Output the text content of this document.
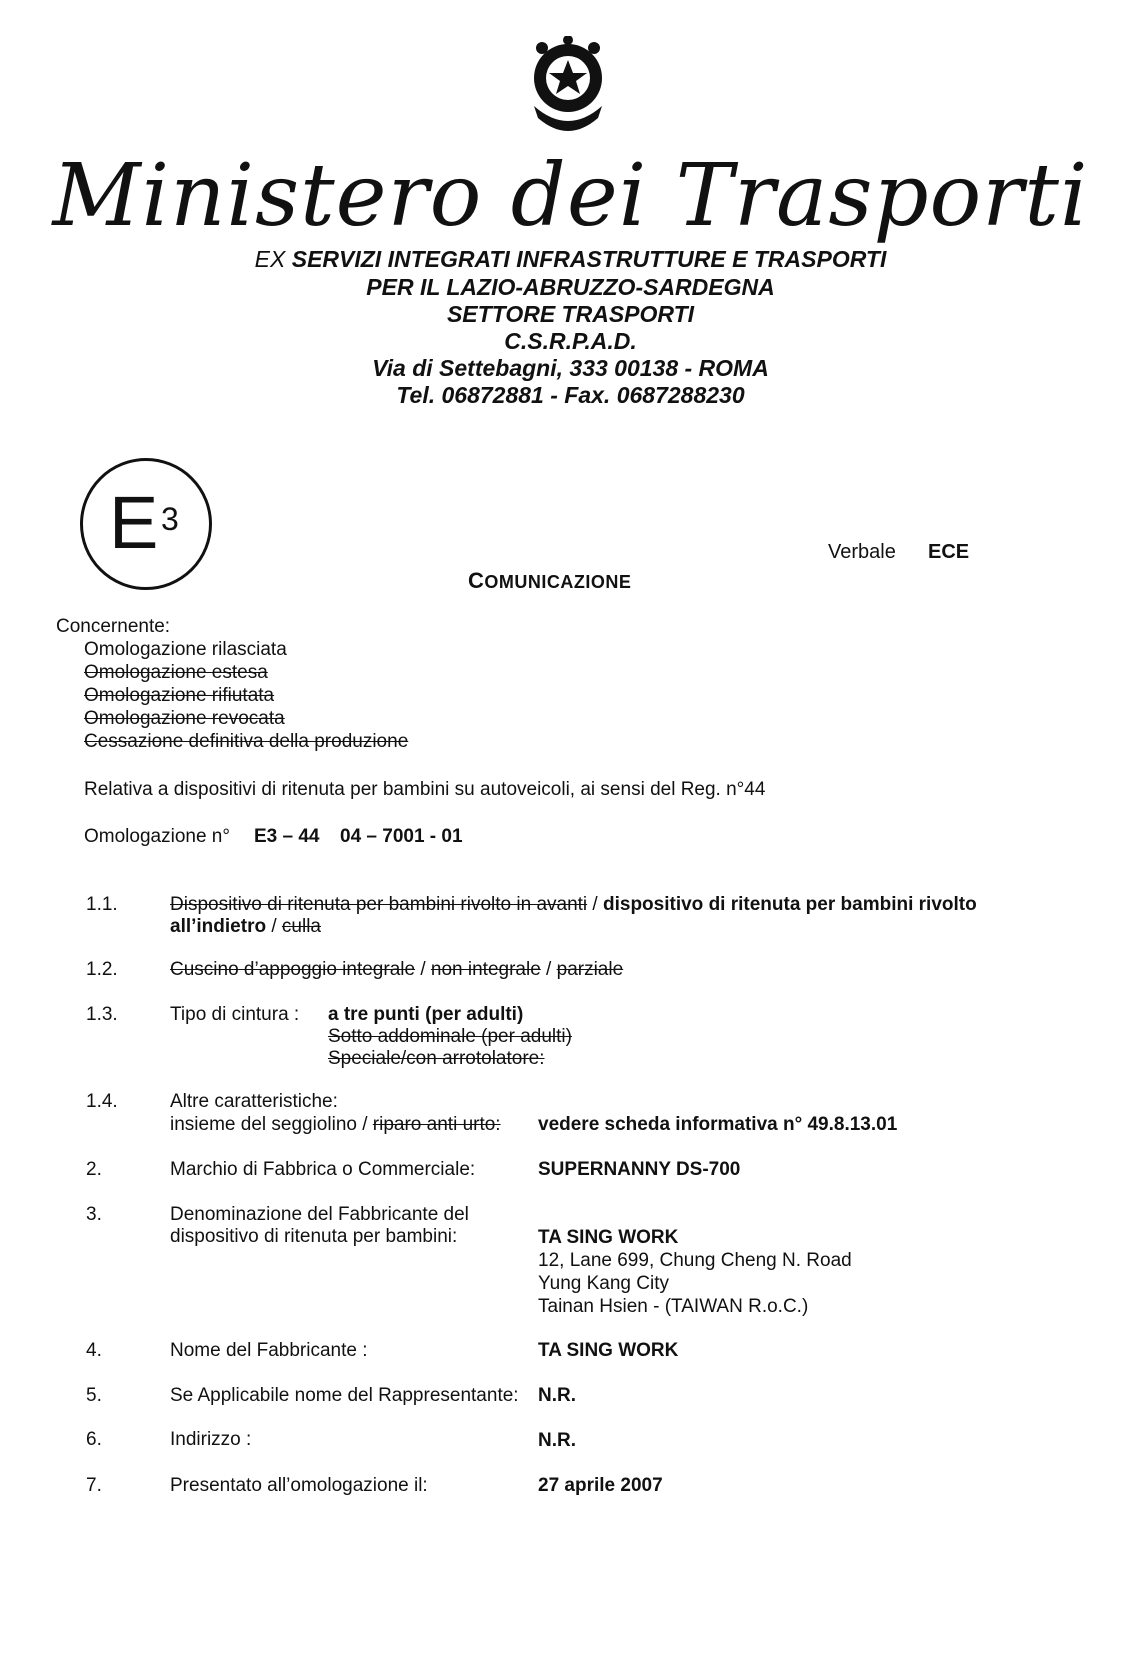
Ministero dei Trasporti
EX SERVIZI INTEGRATI INFRASTRUTTURE E TRASPORTI
PER IL LAZIO-ABRUZZO-SARDEGNA
SETTORE TRASPORTI
C.S.R.P.A.D.
Via di Settebagni, 333 00138 - ROMA
Tel. 06872881 - Fax. 0687288230
E 3
Verbale ECE
COMUNICAZIONE
Concernente:
Omologazione rilasciata
Omologazione estesa
Omologazione rifiutata
Omologazione revocata
Cessazione definitiva della produzione
Relativa a dispositivi di ritenuta per bambini su autoveicoli, ai sensi del Reg. n°44
Omologazione n° E3 – 44 04 – 7001 - 01
1.1.	Dispositivo di ritenuta per bambini rivolto in avanti / dispositivo di ritenuta per bambini rivolto
all’indietro / culla
1.2.	Cuscino d’appoggio integrale / non integrale / parziale
1.3.	Tipo di cintura : a tre punti (per adulti)
Sotto addominale (per adulti)
Speciale/con arrotolatore:
1.4.	Altre caratteristiche:
insieme del seggiolino / riparo anti urto: vedere scheda informativa n° 49.8.13.01
2.	Marchio di Fabbrica o Commerciale:	SUPERNANNY DS-700
3.	Denominazione del Fabbricante del
dispositivo di ritenuta per bambini:	TA SING WORK
12, Lane 699, Chung Cheng N. Road
Yung Kang City
Tainan Hsien - (TAIWAN R.o.C.)
4.	Nome del Fabbricante :	TA SING WORK
5.	Se Applicabile nome del Rappresentante: N.R.
6.	Indirizzo :	N.R.
7.	Presentato all’omologazione il:	27 aprile 2007
